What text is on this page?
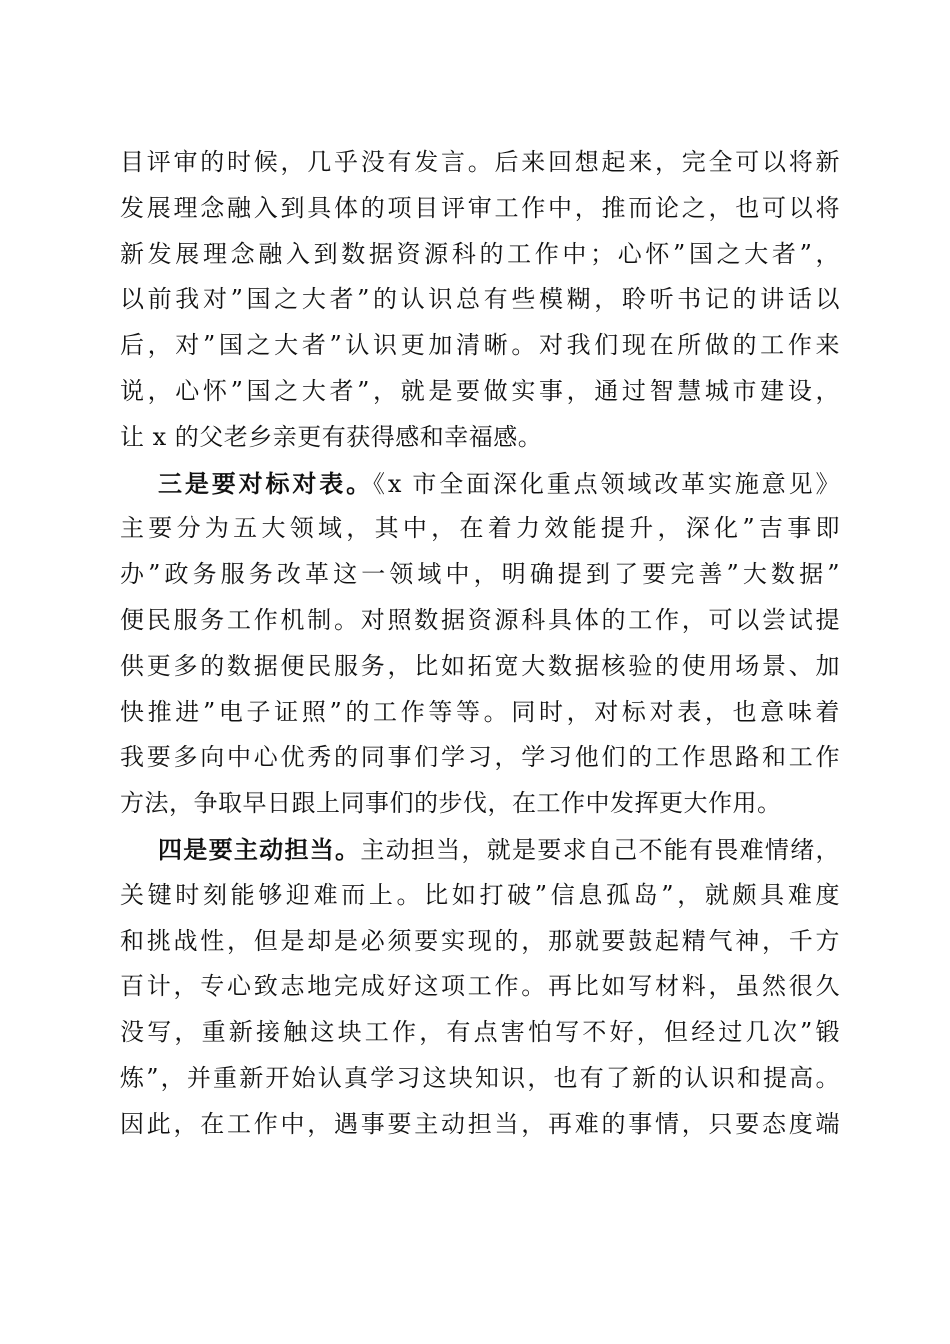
目评审的时候，几乎没有发言。后来回想起来，完全可以将新
发展理念融入到具体的项目评审工作中，推而论之，也可以将
新发展理念融入到数据资源科的工作中；心怀”国之大者”，
以前我对”国之大者”的认识总有些模糊，聆听书记的讲话以
后，对”国之大者”认识更加清晰。对我们现在所做的工作来
说，心怀”国之大者”，就是要做实事，通过智慧城市建设，
让 x 的父老乡亲更有获得感和幸福感。
三是要对标对表。《x 市全面深化重点领域改革实施意见》
主要分为五大领域，其中，在着力效能提升，深化”吉事即
办”政务服务改革这一领域中，明确提到了要完善”大数据”
便民服务工作机制。对照数据资源科具体的工作，可以尝试提
供更多的数据便民服务，比如拓宽大数据核验的使用场景、加
快推进”电子证照”的工作等等。同时，对标对表，也意味着
我要多向中心优秀的同事们学习，学习他们的工作思路和工作
方法，争取早日跟上同事们的步伐，在工作中发挥更大作用。
四是要主动担当。主动担当，就是要求自己不能有畏难情绪，
关键时刻能够迎难而上。比如打破”信息孤岛”，就颇具难度
和挑战性，但是却是必须要实现的，那就要鼓起精气神，千方
百计，专心致志地完成好这项工作。再比如写材料，虽然很久
没写，重新接触这块工作，有点害怕写不好，但经过几次”锻
炼”，并重新开始认真学习这块知识，也有了新的认识和提高。
因此，在工作中，遇事要主动担当，再难的事情，只要态度端
